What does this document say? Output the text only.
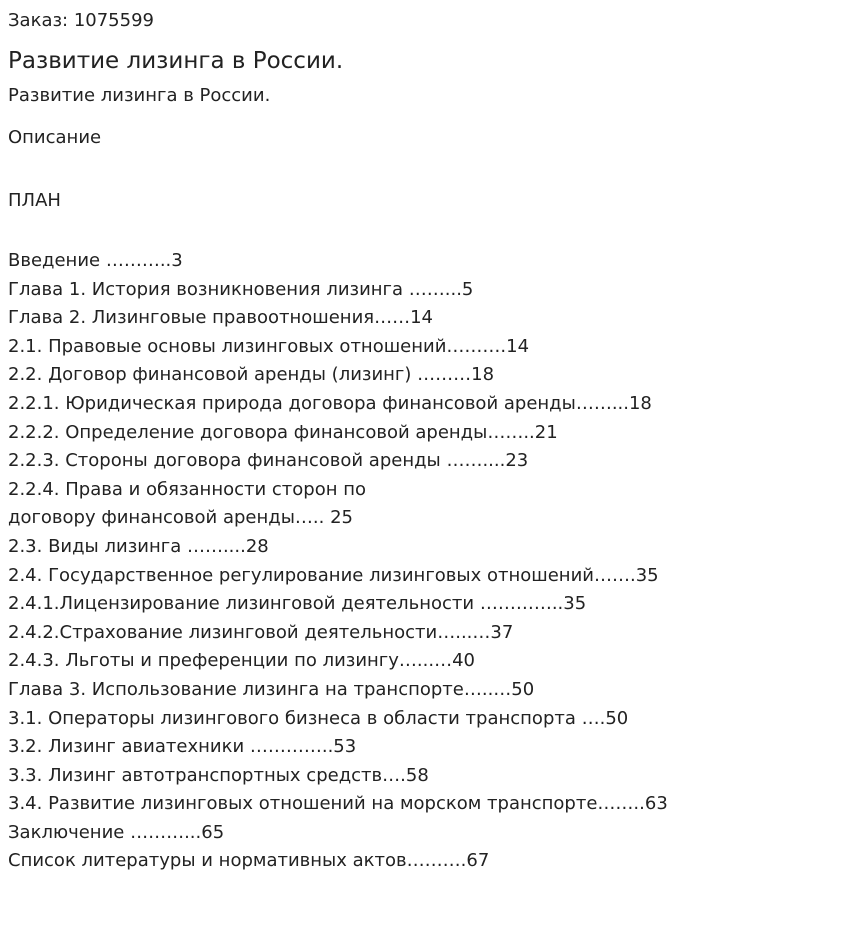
Заказ: 1075599

Развитие лизинга в России.

Развитие лизинга в России.

Описание

ПЛАН

Введение ………..3
Глава 1. История возникновения лизинга ……...5
Глава 2. Лизинговые правоотношения……14
2.1. Правовые основы лизинговых отношений……….14
2.2. Договор финансовой аренды (лизинг) ………18
2.2.1. Юридическая природа договора финансовой аренды……...18
2.2.2. Определение договора финансовой аренды……..21
2.2.3. Стороны договора финансовой аренды ……....23
2.2.4. Права и обязанности сторон по
договору финансовой аренды….. 25
2.3. Виды лизинга ……....28
2.4. Государственное регулирование лизинговых отношений…….35
2.4.1.Лицензирование лизинговой деятельности …………..35
2.4.2.Страхование лизинговой деятельности…...…37
2.4.3. Льготы и преференции по лизингу…...…40
Глава 3. Использование лизинга на транспорте…..…50
3.1. Операторы лизингового бизнеса в области транспорта ….50
3.2. Лизинг авиатехники …………..53
3.3. Лизинг автотранспортных средств….58
3.4. Развитие лизинговых отношений на морском транспорте……..63
Заключение ………...65
Список литературы и нормативных актов……….67
